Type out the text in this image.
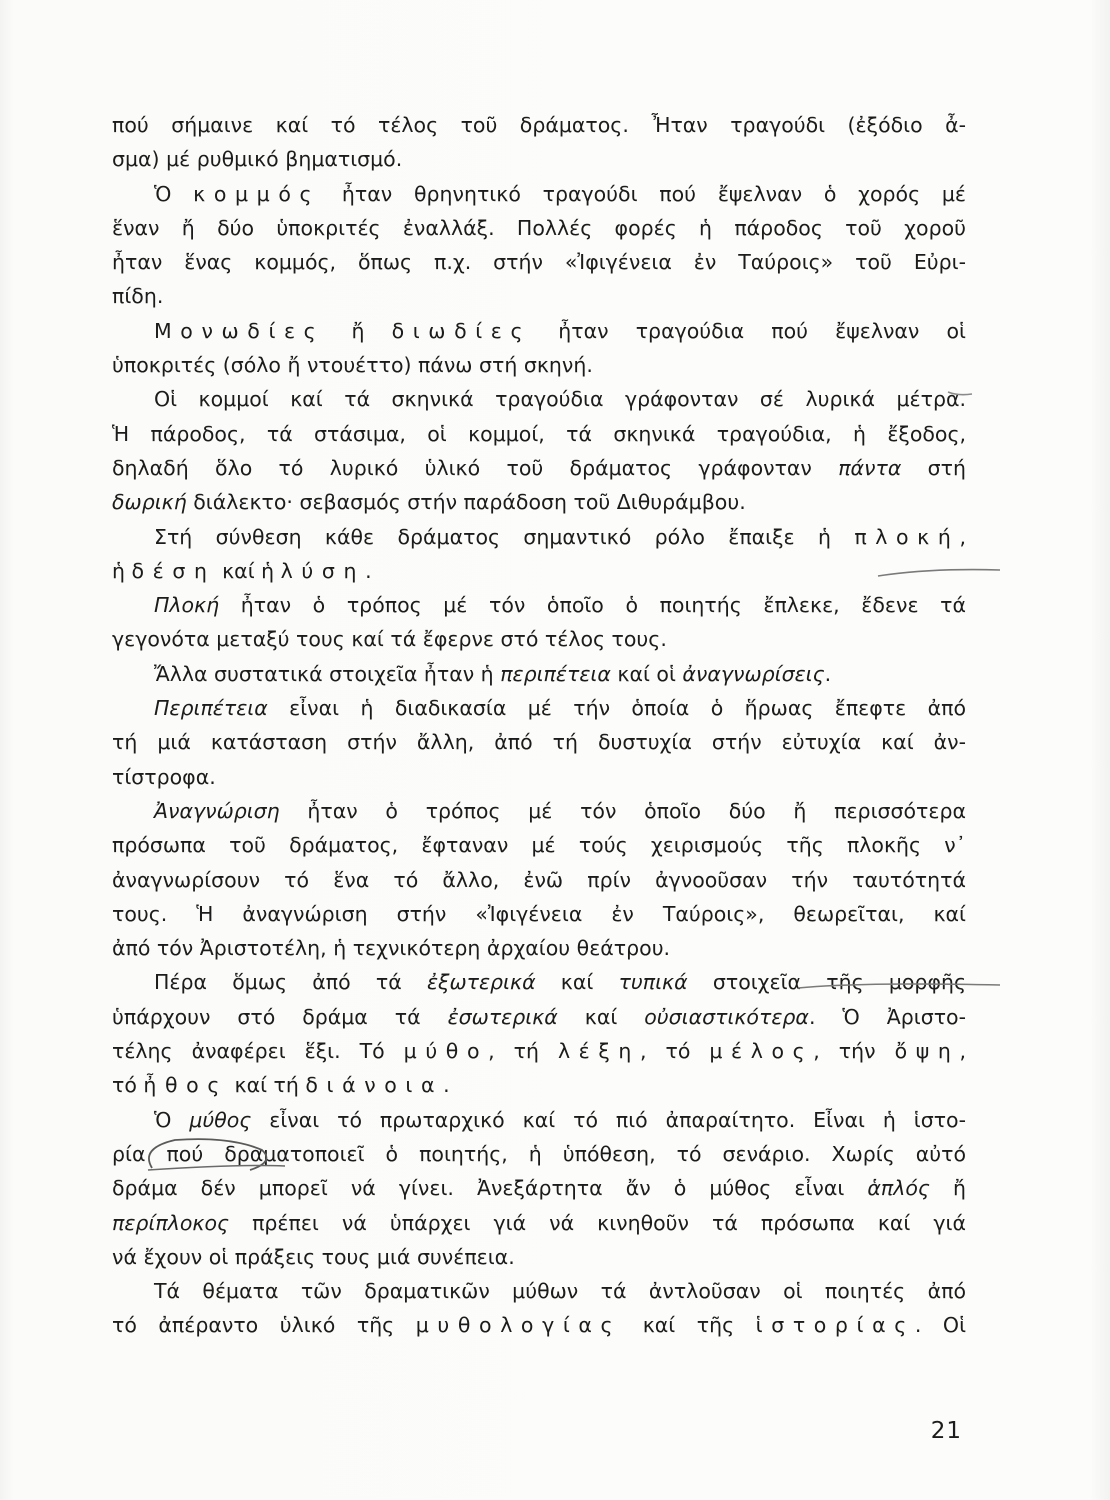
πού σήμαινε καί τό τέλος τοῦ δράματος. Ἦταν τραγούδι (ἐξόδιο ἆ-
σμα) μέ ρυθμικό βηματισμό.
Ὁ κομμός ἦταν θρηνητικό τραγούδι πού ἔψελναν ὁ χορός μέ
ἕναν ἤ δύο ὑποκριτές ἐναλλάξ. Πολλές φορές ἡ πάροδος τοῦ χοροῦ
ἦταν ἕνας κομμός, ὅπως π.χ. στήν «Ἰφιγένεια ἐν Ταύροις» τοῦ Εὐρι-
πίδη.
Μονωδίες ἤ διωδίες ἦταν τραγούδια πού ἔψελναν οἱ
ὑποκριτές (σόλο ἤ ντουέττο) πάνω στή σκηνή.
Οἱ κομμοί καί τά σκηνικά τραγούδια γράφονταν σέ λυρικά μέτρα.
Ἡ πάροδος, τά στάσιμα, οἱ κομμοί, τά σκηνικά τραγούδια, ἡ ἔξοδος,
δηλαδή ὅλο τό λυρικό ὑλικό τοῦ δράματος γράφονταν πάντα στή
δωρική διάλεκτο· σεβασμός στήν παράδοση τοῦ Διθυράμβου.
Στή σύνθεση κάθε δράματος σημαντικό ρόλο ἔπαιξε ἡ πλοκή,
ἡ δέση καί ἡ λύση.
Πλοκή ἦταν ὁ τρόπος μέ τόν ὁποῖο ὁ ποιητής ἔπλεκε, ἔδενε τά
γεγονότα μεταξύ τους καί τά ἔφερνε στό τέλος τους.
Ἄλλα συστατικά στοιχεῖα ἦταν ἡ περιπέτεια καί οἱ ἀναγνωρίσεις.
Περιπέτεια εἶναι ἡ διαδικασία μέ τήν ὁποία ὁ ἥρωας ἔπεφτε ἀπό
τή μιά κατάσταση στήν ἄλλη, ἀπό τή δυστυχία στήν εὐτυχία καί ἀν-
τίστροφα.
Ἀναγνώριση ἦταν ὁ τρόπος μέ τόν ὁποῖο δύο ἤ περισσότερα
πρόσωπα τοῦ δράματος, ἔφταναν μέ τούς χειρισμούς τῆς πλοκῆς ν᾽
ἀναγνωρίσουν τό ἕνα τό ἄλλο, ἐνῶ πρίν ἀγνοοῦσαν τήν ταυτότητά
τους. Ἡ ἀναγνώριση στήν «Ἰφιγένεια ἐν Ταύροις», θεωρεῖται, καί
ἀπό τόν Ἀριστοτέλη, ἡ τεχνικότερη ἀρχαίου θεάτρου.
Πέρα ὅμως ἀπό τά ἐξωτερικά καί τυπικά στοιχεῖα τῆς μορφῆς
ὑπάρχουν στό δράμα τά ἐσωτερικά καί οὐσιαστικότερα. Ὁ Ἀριστο-
τέλης ἀναφέρει ἕξι. Τό μύθο, τή λέξη, τό μέλος, τήν ὄψη,
τό ἦθος καί τή διάνοια.
Ὁ μύθος εἶναι τό πρωταρχικό καί τό πιό ἀπαραίτητο. Εἶναι ἡ ἱστο-
ρία πού δραματοποιεῖ ὁ ποιητής, ἡ ὑπόθεση, τό σενάριο. Χωρίς αὐτό
δράμα δέν μπορεῖ νά γίνει. Ἀνεξάρτητα ἄν ὁ μύθος εἶναι ἁπλός ἤ
περίπλοκος πρέπει νά ὑπάρχει γιά νά κινηθοῦν τά πρόσωπα καί γιά
νά ἔχουν οἱ πράξεις τους μιά συνέπεια.
Τά θέματα τῶν δραματικῶν μύθων τά ἀντλοῦσαν οἱ ποιητές ἀπό
τό ἀπέραντο ὑλικό τῆς μυθολογίας καί τῆς ἱστορίας. Οἱ
21
